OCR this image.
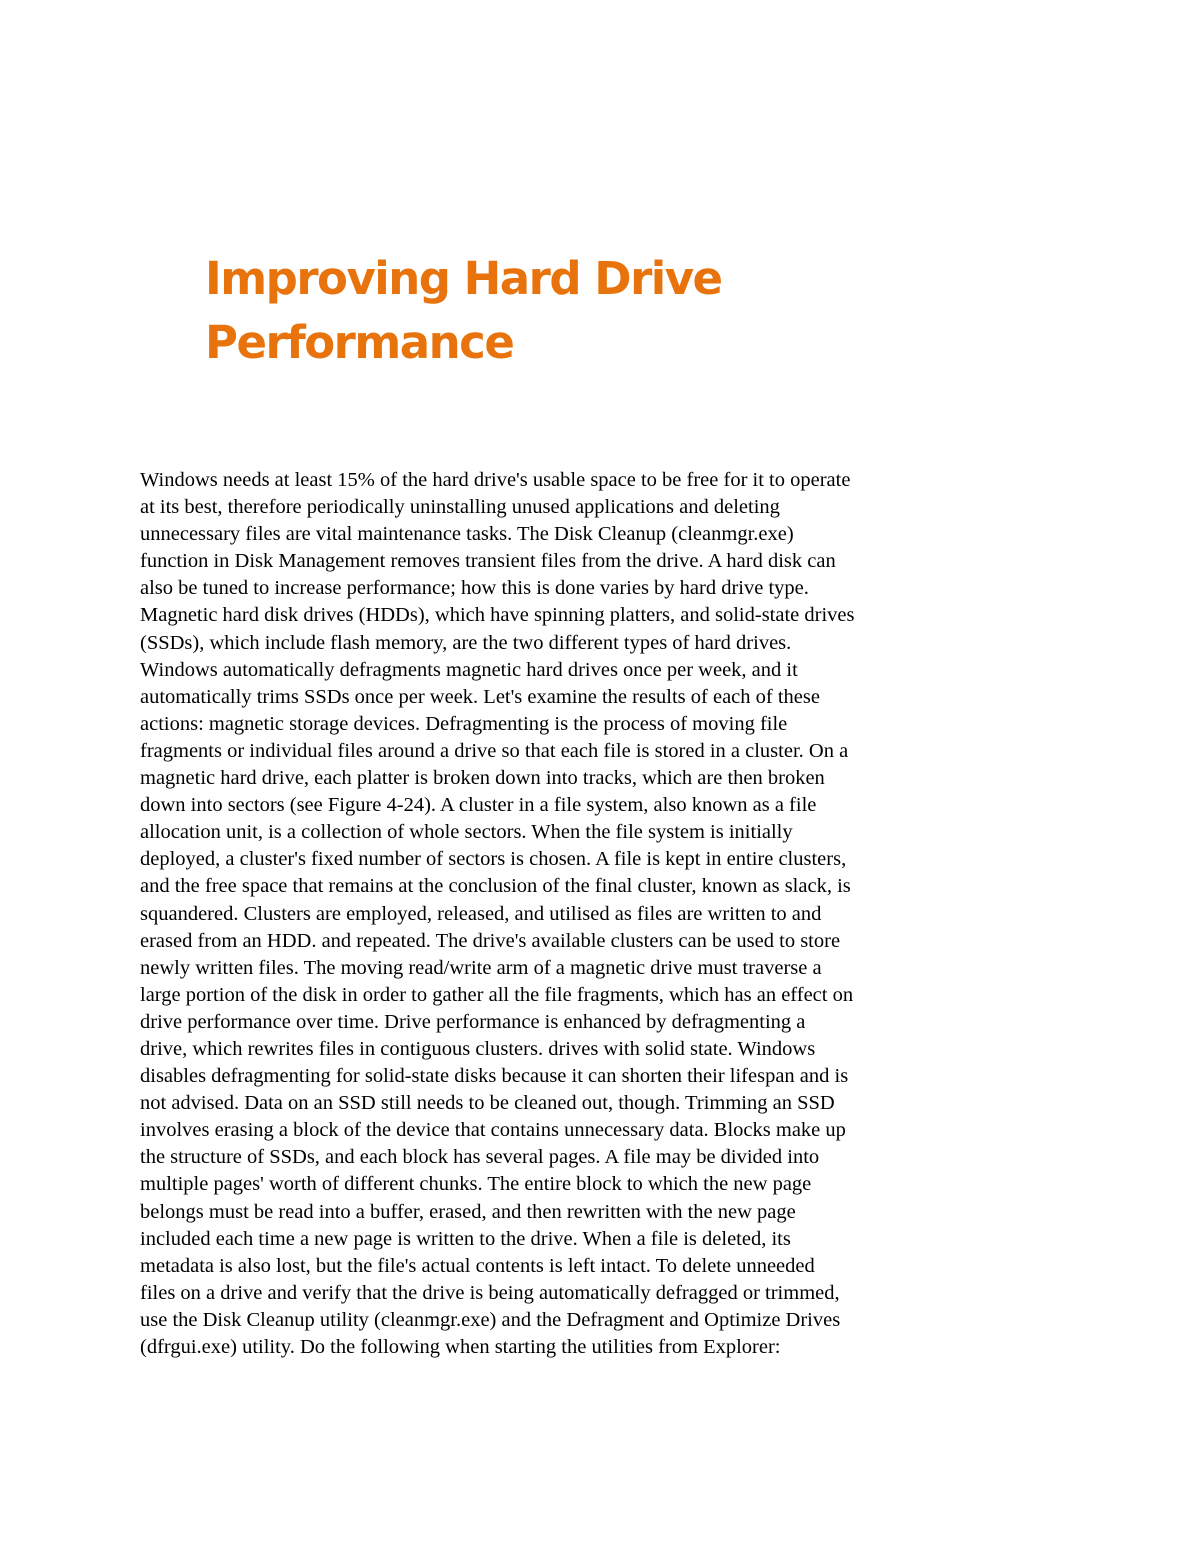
Improving Hard Drive
Performance
Windows needs at least 15% of the hard drive's usable space to be free for it to operate
at its best, therefore periodically uninstalling unused applications and deleting
unnecessary files are vital maintenance tasks. The Disk Cleanup (cleanmgr.exe)
function in Disk Management removes transient files from the drive. A hard disk can
also be tuned to increase performance; how this is done varies by hard drive type.
Magnetic hard disk drives (HDDs), which have spinning platters, and solid-state drives
(SSDs), which include flash memory, are the two different types of hard drives.
Windows automatically defragments magnetic hard drives once per week, and it
automatically trims SSDs once per week. Let's examine the results of each of these
actions: magnetic storage devices. Defragmenting is the process of moving file
fragments or individual files around a drive so that each file is stored in a cluster. On a
magnetic hard drive, each platter is broken down into tracks, which are then broken
down into sectors (see Figure 4-24). A cluster in a file system, also known as a file
allocation unit, is a collection of whole sectors. When the file system is initially
deployed, a cluster's fixed number of sectors is chosen. A file is kept in entire clusters,
and the free space that remains at the conclusion of the final cluster, known as slack, is
squandered. Clusters are employed, released, and utilised as files are written to and
erased from an HDD. and repeated. The drive's available clusters can be used to store
newly written files. The moving read/write arm of a magnetic drive must traverse a
large portion of the disk in order to gather all the file fragments, which has an effect on
drive performance over time. Drive performance is enhanced by defragmenting a
drive, which rewrites files in contiguous clusters. drives with solid state. Windows
disables defragmenting for solid-state disks because it can shorten their lifespan and is
not advised. Data on an SSD still needs to be cleaned out, though. Trimming an SSD
involves erasing a block of the device that contains unnecessary data. Blocks make up
the structure of SSDs, and each block has several pages. A file may be divided into
multiple pages' worth of different chunks. The entire block to which the new page
belongs must be read into a buffer, erased, and then rewritten with the new page
included each time a new page is written to the drive. When a file is deleted, its
metadata is also lost, but the file's actual contents is left intact. To delete unneeded
files on a drive and verify that the drive is being automatically defragged or trimmed,
use the Disk Cleanup utility (cleanmgr.exe) and the Defragment and Optimize Drives
(dfrgui.exe) utility. Do the following when starting the utilities from Explorer:
